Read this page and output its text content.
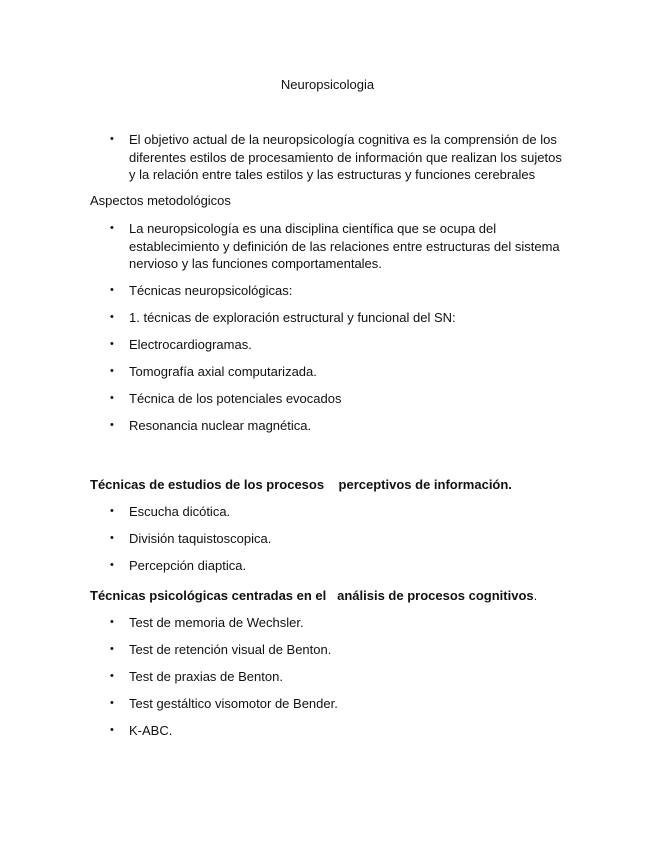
Neuropsicologia
• El objetivo actual de la neuropsicología cognitiva es la comprensión de los diferentes estilos de procesamiento de información que realizan los sujetos y la relación entre tales estilos y las estructuras y funciones cerebrales
Aspectos metodológicos
• La neuropsicología es una disciplina científica que se ocupa del establecimiento y definición de las relaciones entre estructuras del sistema nervioso y las funciones comportamentales.
• Técnicas neuropsicológicas:
• 1. técnicas de exploración estructural y funcional del SN:
• Electrocardiogramas.
• Tomografía axial computarizada.
• Técnica de los potenciales evocados
• Resonancia nuclear magnética.
Técnicas de estudios de los procesos perceptivos de información.
• Escucha dicótica.
• División taquistoscopica.
• Percepción diaptica.
Técnicas psicológicas centradas en el análisis de procesos cognitivos.
• Test de memoria de Wechsler.
• Test de retención visual de Benton.
• Test de praxias de Benton.
• Test gestáltico visomotor de Bender.
• K-ABC.
